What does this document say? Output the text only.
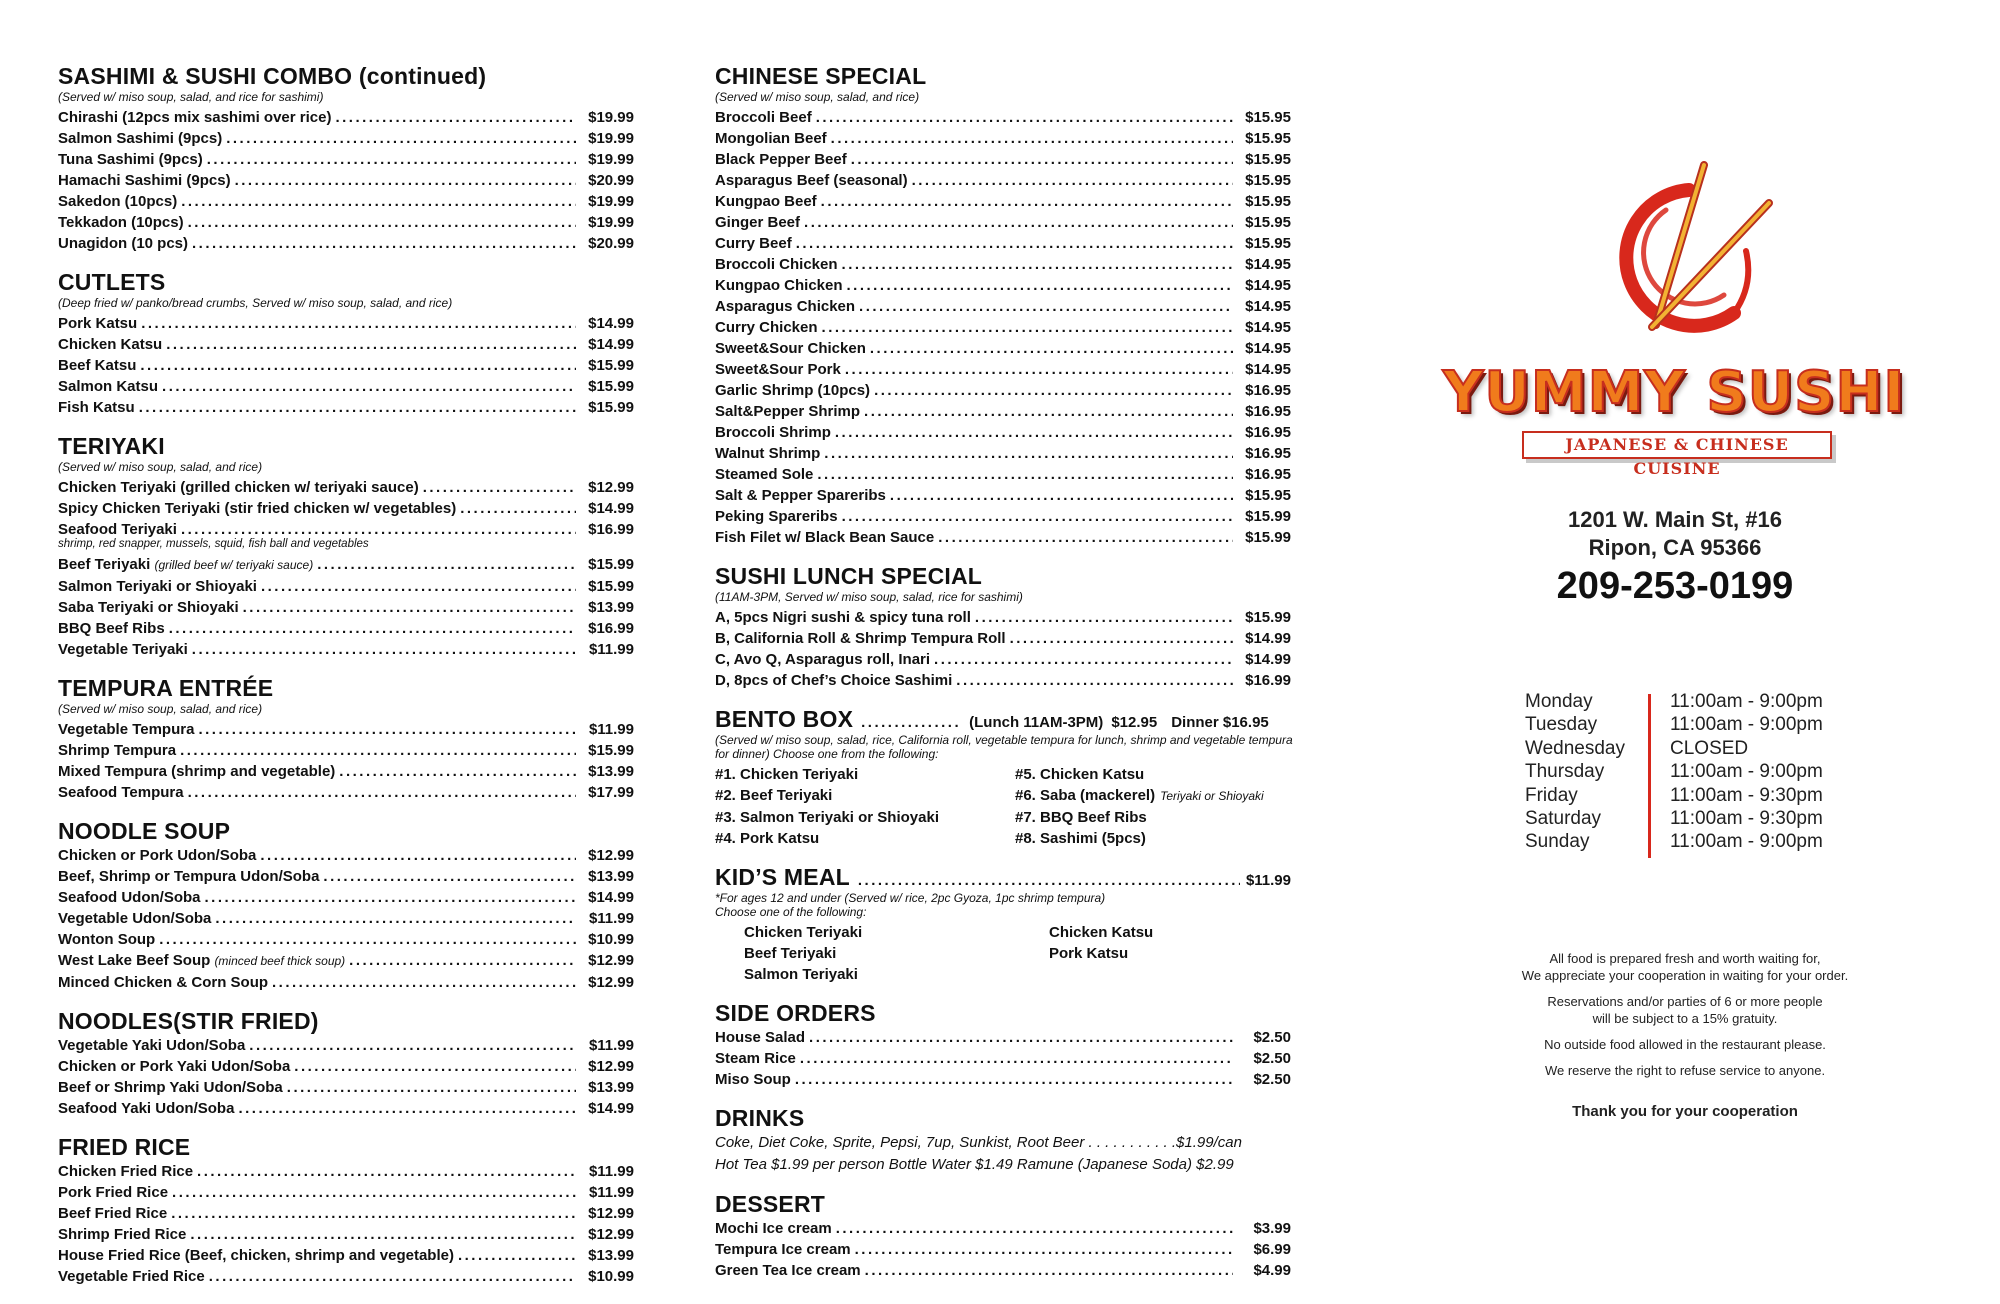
SASHIMI & SUSHI COMBO (continued)
(Served w/ miso soup, salad, and rice for sashimi)
Chirashi (12pcs mix sashimi over rice) .....	$19.99
Salmon Sashimi (9pcs) .....	$19.99
Tuna Sashimi (9pcs) .....	$19.99
Hamachi Sashimi (9pcs) .....	$20.99
Sakedon (10pcs) .....	$19.99
Tekkadon (10pcs) .....	$19.99
Unagidon (10 pcs) .....	$20.99
CUTLETS
(Deep fried w/ panko/bread crumbs, Served w/ miso soup, salad, and rice)
Pork Katsu .....	$14.99
Chicken Katsu .....	$14.99
Beef Katsu .....	$15.99
Salmon Katsu .....	$15.99
Fish Katsu .....	$15.99
TERIYAKI
(Served w/ miso soup, salad, and rice)
Chicken Teriyaki (grilled chicken w/ teriyaki sauce) .....	$12.99
Spicy Chicken Teriyaki (stir fried chicken w/ vegetables) .....	$14.99
Seafood Teriyaki .....	$16.99
shrimp, red snapper, mussels, squid, fish ball and vegetables
Beef Teriyaki (grilled beef w/ teriyaki sauce) .....	$15.99
Salmon Teriyaki or Shioyaki .....	$15.99
Saba Teriyaki or Shioyaki .....	$13.99
BBQ Beef Ribs .....	$16.99
Vegetable Teriyaki .....	$11.99
TEMPURA ENTRÉE
(Served w/ miso soup, salad, and rice)
Vegetable Tempura .....	$11.99
Shrimp Tempura .....	$15.99
Mixed Tempura (shrimp and vegetable) .....	$13.99
Seafood Tempura .....	$17.99
NOODLE SOUP
Chicken or Pork Udon/Soba .....	$12.99
Beef, Shrimp or Tempura Udon/Soba .....	$13.99
Seafood Udon/Soba .....	$14.99
Vegetable Udon/Soba .....	$11.99
Wonton Soup .....	$10.99
West Lake Beef Soup (minced beef thick soup) .....	$12.99
Minced Chicken & Corn Soup .....	$12.99
NOODLES(STIR FRIED)
Vegetable Yaki Udon/Soba .....	$11.99
Chicken or Pork Yaki Udon/Soba .....	$12.99
Beef or Shrimp Yaki Udon/Soba .....	$13.99
Seafood Yaki Udon/Soba .....	$14.99
FRIED RICE
Chicken Fried Rice .....	$11.99
Pork Fried Rice .....	$11.99
Beef Fried Rice .....	$12.99
Shrimp Fried Rice .....	$12.99
House Fried Rice (Beef, chicken, shrimp and vegetable) .....	$13.99
Vegetable Fried Rice .....	$10.99
CHINESE SPECIAL
(Served w/ miso soup, salad, and rice)
Broccoli Beef .....	$15.95
Mongolian Beef .....	$15.95
Black Pepper Beef .....	$15.95
Asparagus Beef (seasonal) .....	$15.95
Kungpao Beef .....	$15.95
Ginger Beef .....	$15.95
Curry Beef .....	$15.95
Broccoli Chicken .....	$14.95
Kungpao Chicken .....	$14.95
Asparagus Chicken .....	$14.95
Curry Chicken .....	$14.95
Sweet&Sour Chicken .....	$14.95
Sweet&Sour Pork .....	$14.95
Garlic Shrimp (10pcs) .....	$16.95
Salt&Pepper Shrimp .....	$16.95
Broccoli Shrimp .....	$16.95
Walnut Shrimp .....	$16.95
Steamed Sole .....	$16.95
Salt & Pepper Spareribs .....	$15.95
Peking Spareribs .....	$15.99
Fish Filet w/ Black Bean Sauce .....	$15.99
SUSHI LUNCH SPECIAL
(11AM-3PM, Served w/ miso soup, salad, rice for sashimi)
A, 5pcs Nigri sushi & spicy tuna roll .....	$15.99
B, California Roll & Shrimp Tempura Roll .....	$14.99
C, Avo Q, Asparagus roll, Inari .....	$14.99
D, 8pcs of Chef’s Choice Sashimi .....	$16.99
BENTO BOX .....	(Lunch 11AM-3PM) $12.95 Dinner $16.95
(Served w/ miso soup, salad, rice, California roll, vegetable tempura for lunch, shrimp and vegetable tempura for dinner) Choose one from the following:
#1. Chicken Teriyaki	#5. Chicken Katsu
#2. Beef Teriyaki	#6. Saba (mackerel) Teriyaki or Shioyaki
#3. Salmon Teriyaki or Shioyaki	#7. BBQ Beef Ribs
#4. Pork Katsu	#8. Sashimi (5pcs)
KID’S MEAL .....	$11.99
*For ages 12 and under (Served w/ rice, 2pc Gyoza, 1pc shrimp tempura)
Choose one of the following:
Chicken Teriyaki	Chicken Katsu
Beef Teriyaki	Pork Katsu
Salmon Teriyaki
SIDE ORDERS
House Salad .....	$2.50
Steam Rice .....	$2.50
Miso Soup .....	$2.50
DRINKS
Coke, Diet Coke, Sprite, Pepsi, 7up, Sunkist, Root Beer . . . . . . . . . . .$1.99/can
Hot Tea $1.99 per person Bottle Water $1.49 Ramune (Japanese Soda) $2.99
DESSERT
Mochi Ice cream .....	$3.99
Tempura Ice cream .....	$6.99
Green Tea Ice cream .....	$4.99
YUMMY SUSHI
JAPANESE & CHINESE CUISINE
1201 W. Main St, #16
Ripon, CA 95366
209-253-0199
Monday	11:00am - 9:00pm
Tuesday	11:00am - 9:00pm
Wednesday	CLOSED
Thursday	11:00am - 9:00pm
Friday	11:00am - 9:30pm
Saturday	11:00am - 9:30pm
Sunday	11:00am - 9:00pm

All food is prepared fresh and worth waiting for,
We appreciate your cooperation in waiting for your order.

Reservations and/or parties of 6 or more people
will be subject to a 15% gratuity.

No outside food allowed in the restaurant please.

We reserve the right to refuse service to anyone.

Thank you for your cooperation
